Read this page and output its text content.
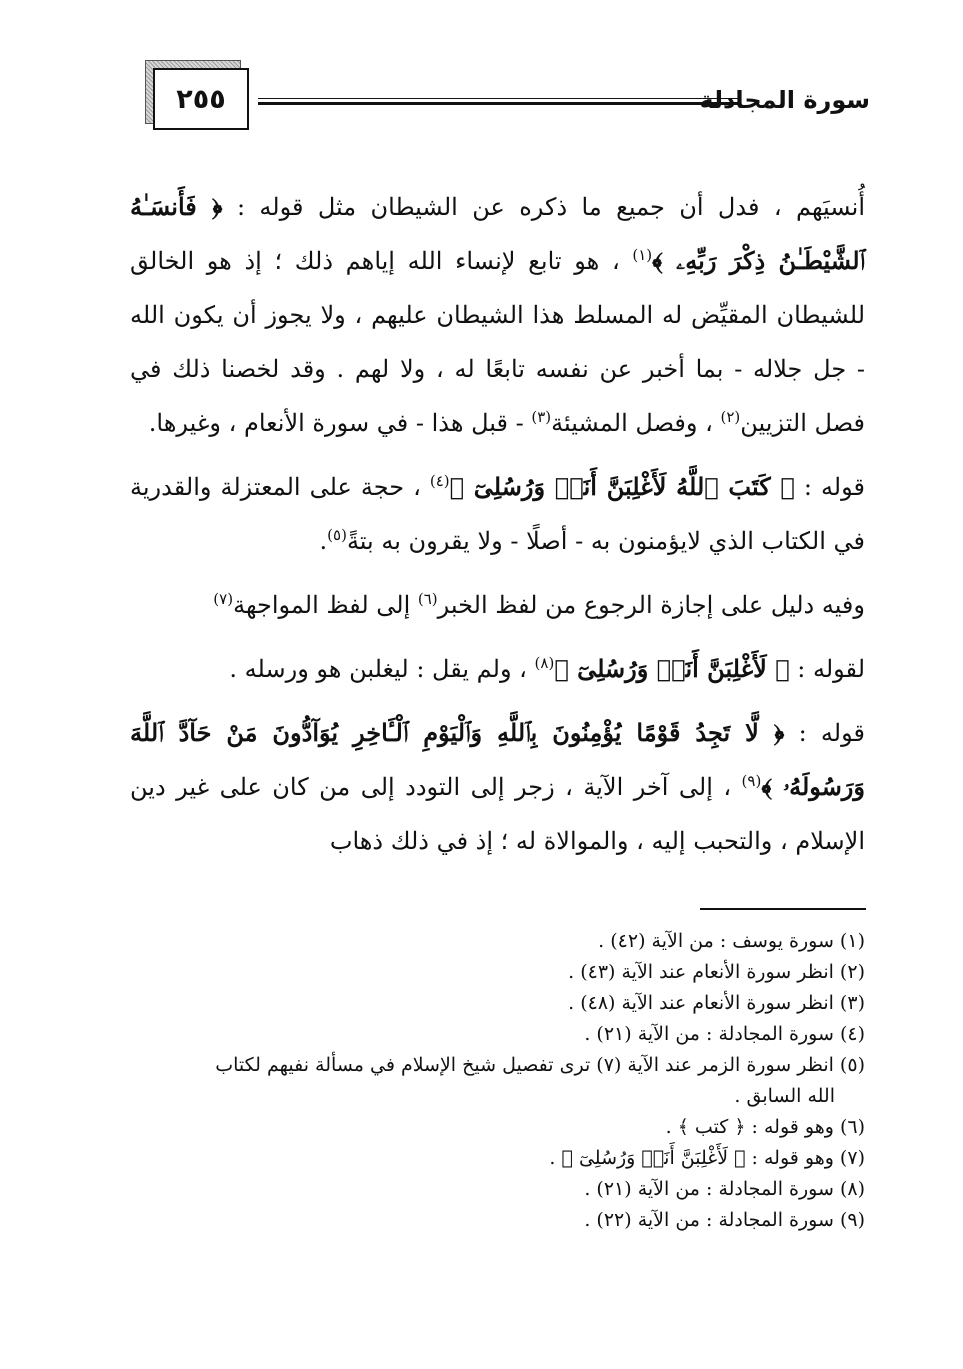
٢٥٥	سورة المجادلة

أُنسيَهم ، فدل أن جميع ما ذكره عن الشيطان مثل قوله : ﴿ فَأَنسَـٰهُ ٱلشَّيْطَـٰنُ ذِكْرَ رَبِّهِۦ ﴾$^{(١)}$ ، هو تابع لإنساء الله إياهم ذلك ؛ إذ هو الخالق للشيطان المقيِّض له المسلط هذا الشيطان عليهم ، ولا يجوز أن يكون الله - جل جلاله - بما أخبر عن نفسه تابعًا له ، ولا لهم . وقد لخصنا ذلك في فصل التزيين$^{(٢)}$ ، وفصل المشيئة$^{(٣)}$ - قبل هذا - في سورة الأنعام ، وغيرها.

قوله : ﴿ كَتَبَ ٱللَّهُ لَأَغْلِبَنَّ أَنَا۠ وَرُسُلِىٓ ﴾$^{(٤)}$ ، حجة على المعتزلة والقدرية في الكتاب الذي لايؤمنون به - أصلًا - ولا يقرون به بتةً$^{(٥)}$.

وفيه دليل على إجازة الرجوع من لفظ الخبر$^{(٦)}$ إلى لفظ المواجهة$^{(٧)}$

لقوله : ﴿ لَأَغْلِبَنَّ أَنَا۠ وَرُسُلِىٓ ﴾$^{(٨)}$ ، ولم يقل : ليغلبن هو ورسله .

قوله : ﴿ لَّا تَجِدُ قَوْمًا يُؤْمِنُونَ بِٱللَّهِ وَٱلْيَوْمِ ٱلْـَٔاخِرِ يُوَآدُّونَ مَنْ حَآدَّ ٱللَّهَ وَرَسُولَهُۥ ﴾$^{(٩)}$ ، إلى آخر الآية ، زجر إلى التودد إلى من كان على غير دين الإسلام ، والتحبب إليه ، والموالاة له ؛ إذ في ذلك ذهاب

(١) سورة يوسف : من الآية (٤٢) .

(٢) انظر سورة الأنعام عند الآية (٤٣) .

(٣) انظر سورة الأنعام عند الآية (٤٨) .

(٤) سورة المجادلة : من الآية (٢١) .

(٥) انظر سورة الزمر عند الآية (٧) ترى تفصيل شيخ الإسلام في مسألة نفيهم لكتاب

الله السابق .

(٦) وهو قوله : ﴿ كتب ﴾ .

(٧) وهو قوله : ﴿ لَأَغْلِبَنَّ أَنَا۠ وَرُسُلِىٓ ﴾ .

(٨) سورة المجادلة : من الآية (٢١) .

(٩) سورة المجادلة : من الآية (٢٢) .
